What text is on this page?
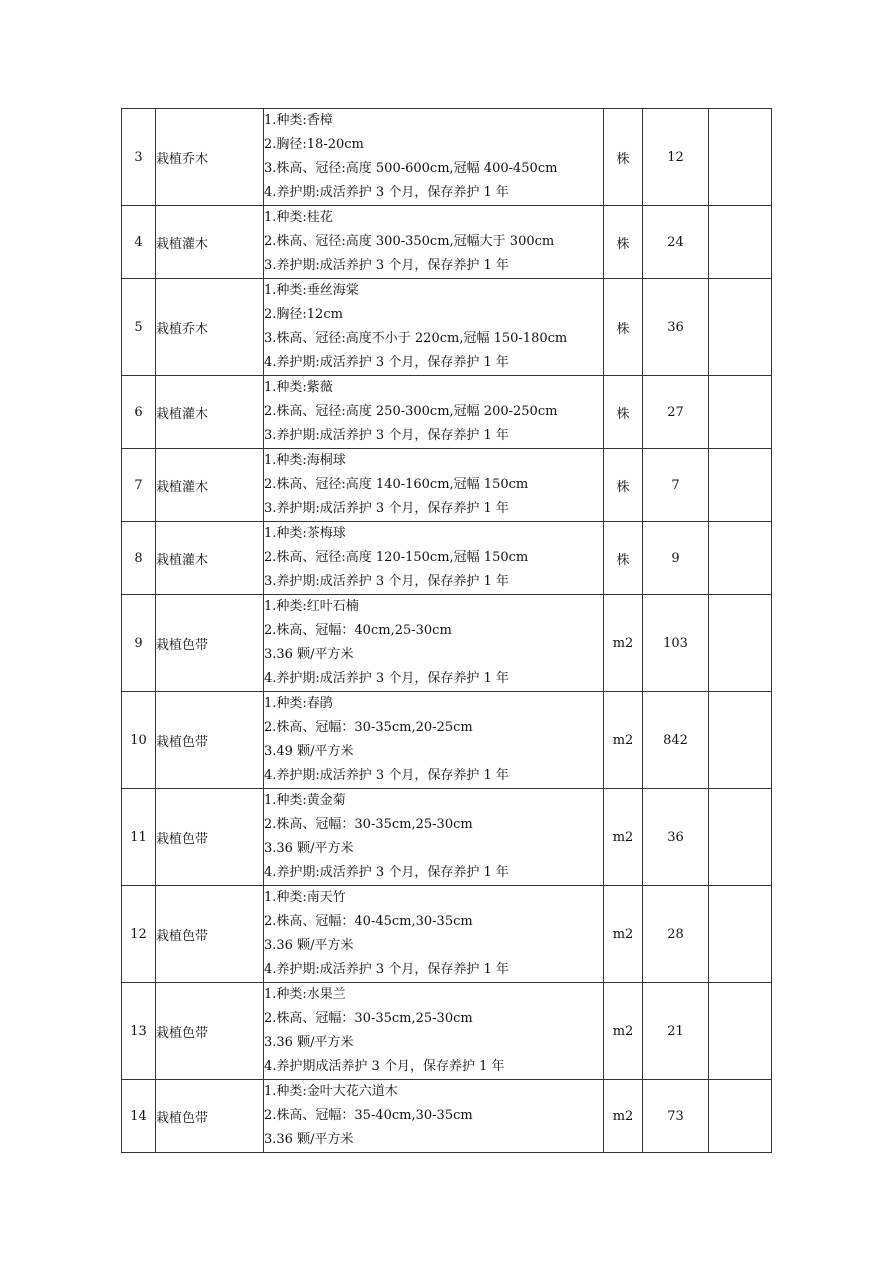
3	栽植乔木	1.种类:香樟
2.胸径:18-20cm
3.株高、冠径:高度 500-600cm,冠幅 400-450cm
4.养护期:成活养护 3 个月，保存养护 1 年	株	12	
4	栽植灌木	1.种类:桂花
2.株高、冠径:高度 300-350cm,冠幅大于 300cm
3.养护期:成活养护 3 个月，保存养护 1 年	株	24	
5	栽植乔木	1.种类:垂丝海棠
2.胸径:12cm
3.株高、冠径:高度不小于 220cm,冠幅 150-180cm
4.养护期:成活养护 3 个月，保存养护 1 年	株	36	
6	栽植灌木	1.种类:紫薇
2.株高、冠径:高度 250-300cm,冠幅 200-250cm
3.养护期:成活养护 3 个月，保存养护 1 年	株	27	
7	栽植灌木	1.种类:海桐球
2.株高、冠径:高度 140-160cm,冠幅 150cm
3.养护期:成活养护 3 个月，保存养护 1 年	株	7	
8	栽植灌木	1.种类:茶梅球
2.株高、冠径:高度 120-150cm,冠幅 150cm
3.养护期:成活养护 3 个月，保存养护 1 年	株	9	
9	栽植色带	1.种类:红叶石楠
2.株高、冠幅：40cm,25-30cm
3.36 颗/平方米
4.养护期:成活养护 3 个月，保存养护 1 年	m2	103	
10	栽植色带	1.种类:春鹃
2.株高、冠幅：30-35cm,20-25cm
3.49 颗/平方米
4.养护期:成活养护 3 个月，保存养护 1 年	m2	842	
11	栽植色带	1.种类:黄金菊
2.株高、冠幅：30-35cm,25-30cm
3.36 颗/平方米
4.养护期:成活养护 3 个月，保存养护 1 年	m2	36	
12	栽植色带	1.种类:南天竹
2.株高、冠幅：40-45cm,30-35cm
3.36 颗/平方米
4.养护期:成活养护 3 个月，保存养护 1 年	m2	28	
13	栽植色带	1.种类:水果兰
2.株高、冠幅：30-35cm,25-30cm
3.36 颗/平方米
4.养护期成活养护 3 个月，保存养护 1 年	m2	21	
14	栽植色带	1.种类:金叶大花六道木
2.株高、冠幅：35-40cm,30-35cm
3.36 颗/平方米	m2	73	
